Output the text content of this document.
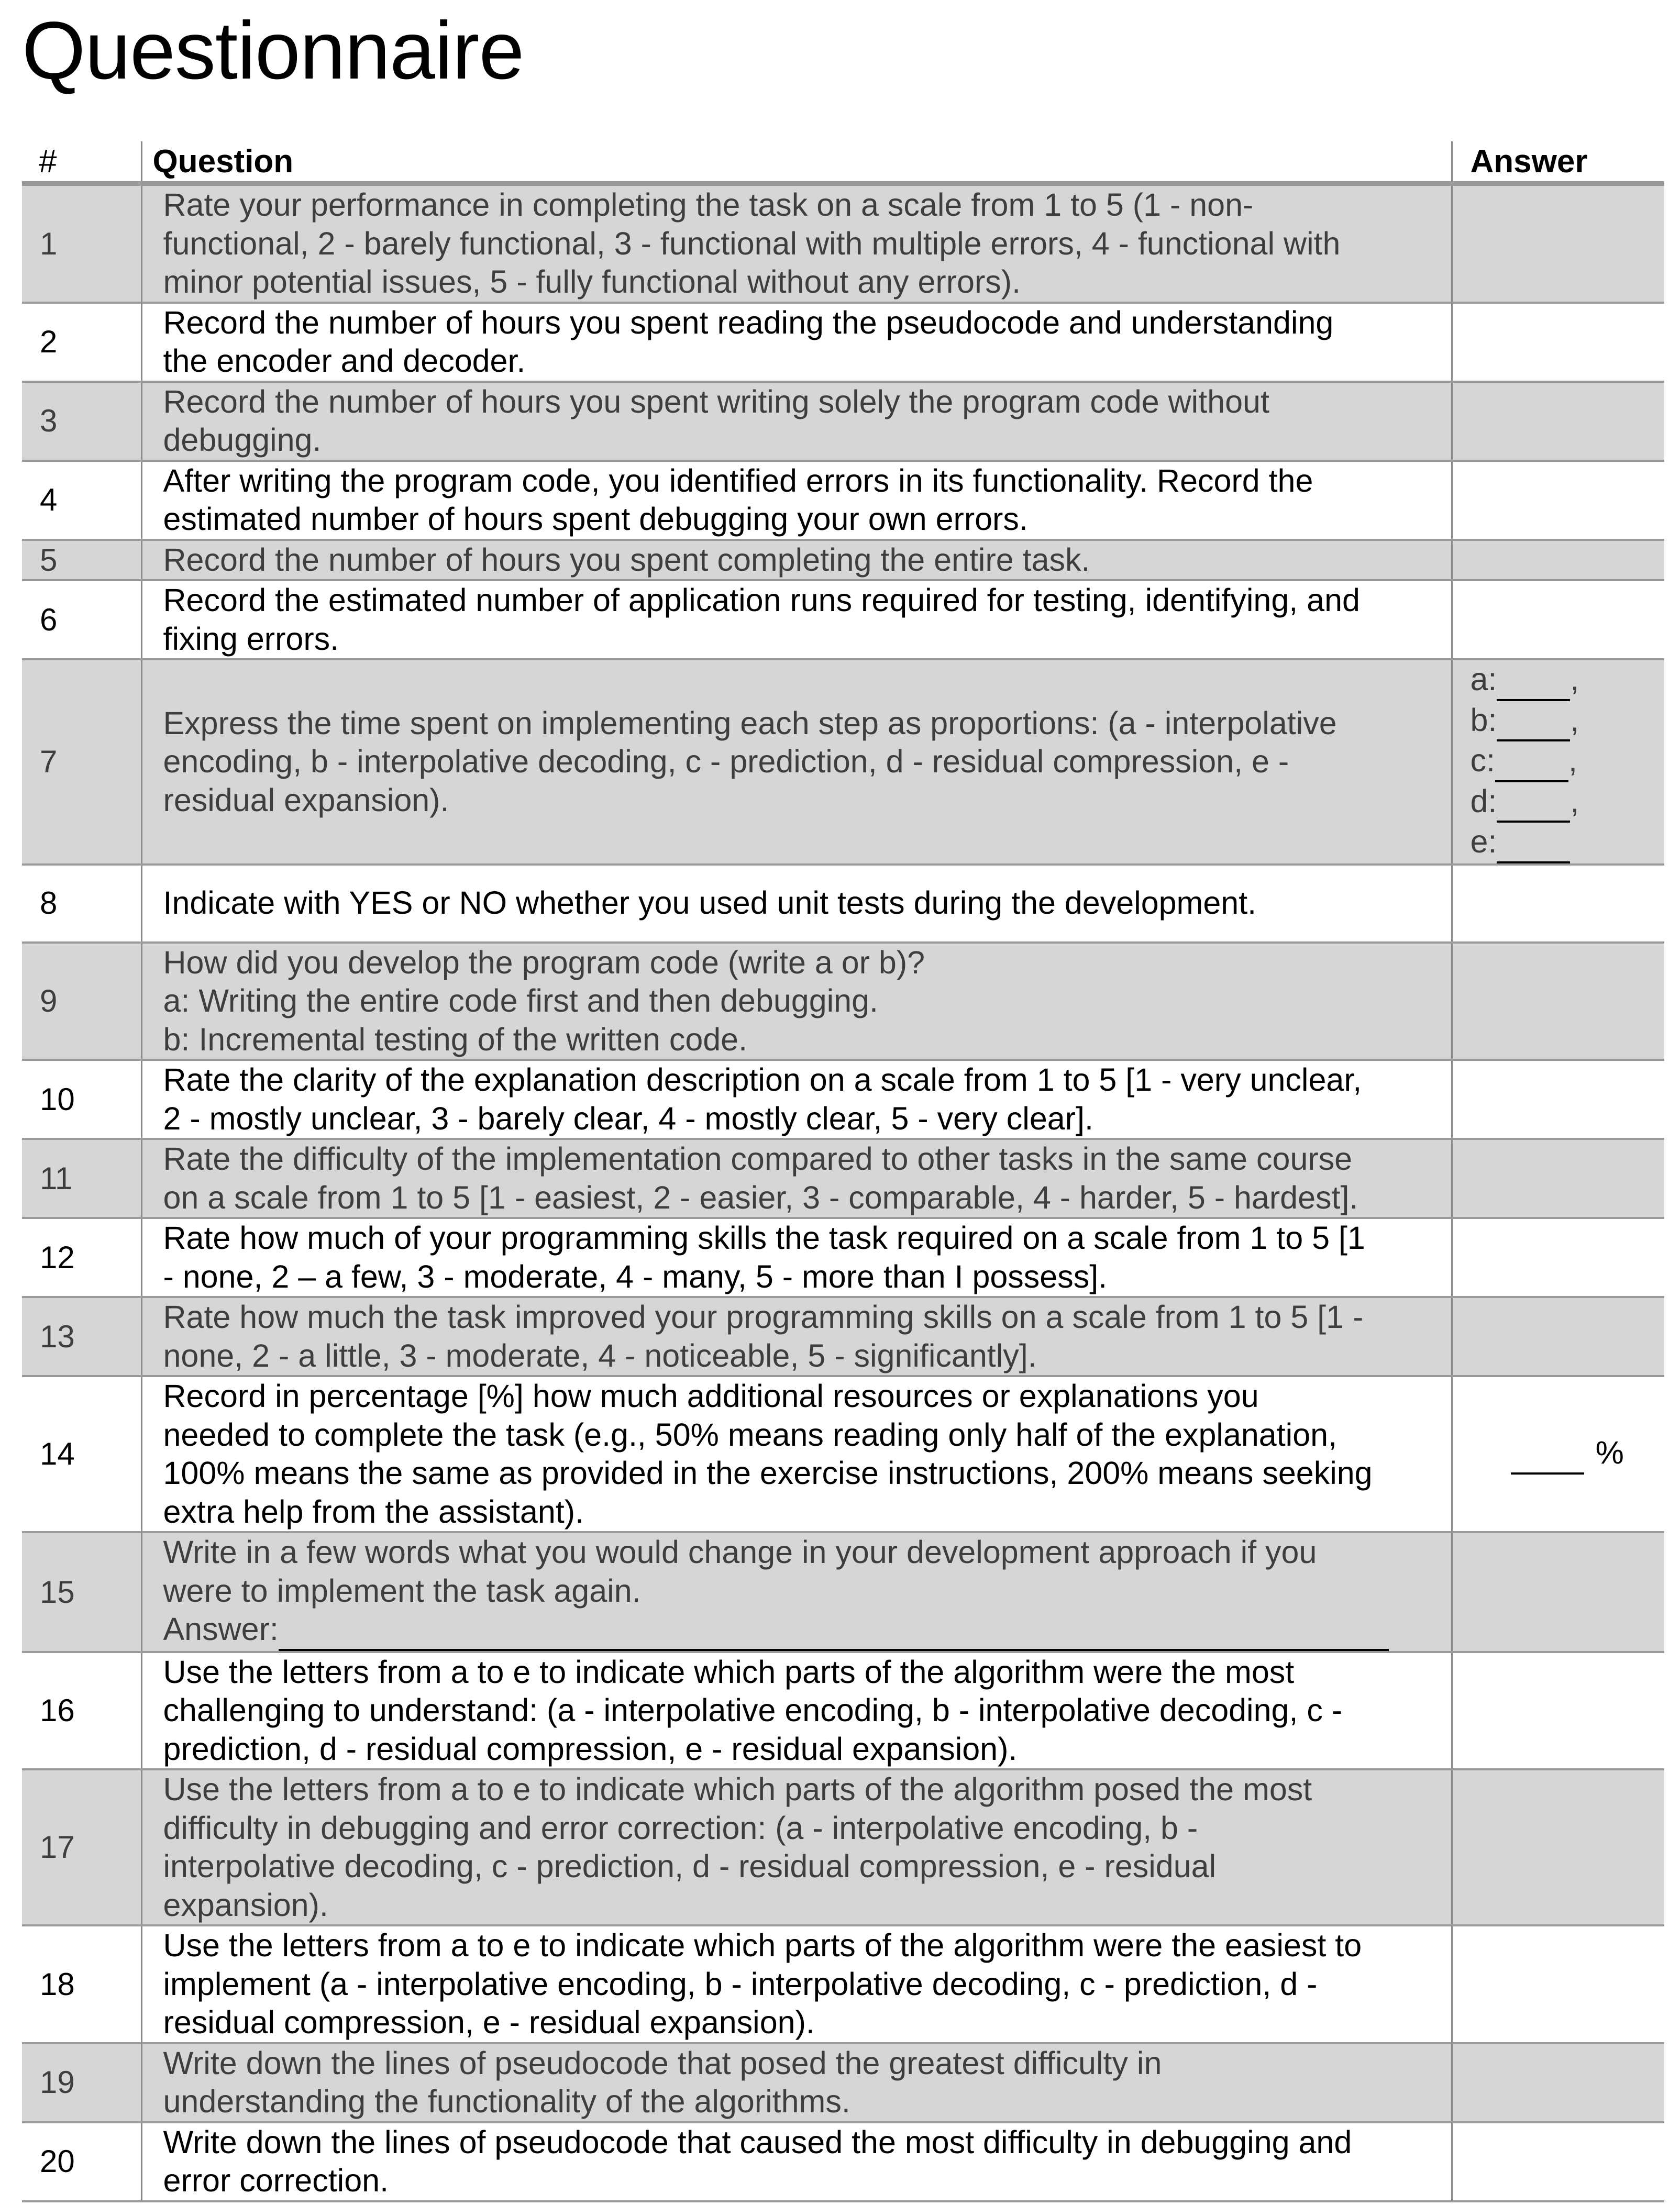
Questionnaire
#	Question	Answer
1	Rate your performance in completing the task on a scale from 1 to 5 (1 - non-
functional, 2 - barely functional, 3 - functional with multiple errors, 4 - functional with
minor potential issues, 5 - fully functional without any errors).	

2	Record the number of hours you spent reading the pseudocode and understanding
the encoder and decoder.	

3	Record the number of hours you spent writing solely the program code without
debugging.	

4	After writing the program code, you identified errors in its functionality. Record the
estimated number of hours spent debugging your own errors.	

5	Record the number of hours you spent completing the entire task.	

6	Record the estimated number of application runs required for testing, identifying, and
fixing errors.	

7	Express the time spent on implementing each step as proportions: (a - interpolative
encoding, b - interpolative decoding, c - prediction, d - residual compression, e -
residual expansion).	a: ,
b: ,
c: ,
d: ,
e:

8	Indicate with YES or NO whether you used unit tests during the development.	

9	How did you develop the program code (write a or b)?
a: Writing the entire code first and then debugging.
b: Incremental testing of the written code.	

10	Rate the clarity of the explanation description on a scale from 1 to 5 [1 - very unclear,
2 - mostly unclear, 3 - barely clear, 4 - mostly clear, 5 - very clear].	

11	Rate the difficulty of the implementation compared to other tasks in the same course
on a scale from 1 to 5 [1 - easiest, 2 - easier, 3 - comparable, 4 - harder, 5 - hardest].	

12	Rate how much of your programming skills the task required on a scale from 1 to 5 [1
- none, 2 – a few, 3 - moderate, 4 - many, 5 - more than I possess].	

13	Rate how much the task improved your programming skills on a scale from 1 to 5 [1 -
none, 2 - a little, 3 - moderate, 4 - noticeable, 5 - significantly].	

14	Record in percentage [%] how much additional resources or explanations you
needed to complete the task (e.g., 50% means reading only half of the explanation,
100% means the same as provided in the exercise instructions, 200% means seeking
extra help from the assistant).	%

15	Write in a few words what you would change in your development approach if you
were to implement the task again.
Answer:	

16	Use the letters from a to e to indicate which parts of the algorithm were the most
challenging to understand: (a - interpolative encoding, b - interpolative decoding, c -
prediction, d - residual compression, e - residual expansion).	

17	Use the letters from a to e to indicate which parts of the algorithm posed the most
difficulty in debugging and error correction: (a - interpolative encoding, b -
interpolative decoding, c - prediction, d - residual compression, e - residual
expansion).	

18	Use the letters from a to e to indicate which parts of the algorithm were the easiest to
implement (a - interpolative encoding, b - interpolative decoding, c - prediction, d -
residual compression, e - residual expansion).	

19	Write down the lines of pseudocode that posed the greatest difficulty in
understanding the functionality of the algorithms.	

20	Write down the lines of pseudocode that caused the most difficulty in debugging and
error correction.	
